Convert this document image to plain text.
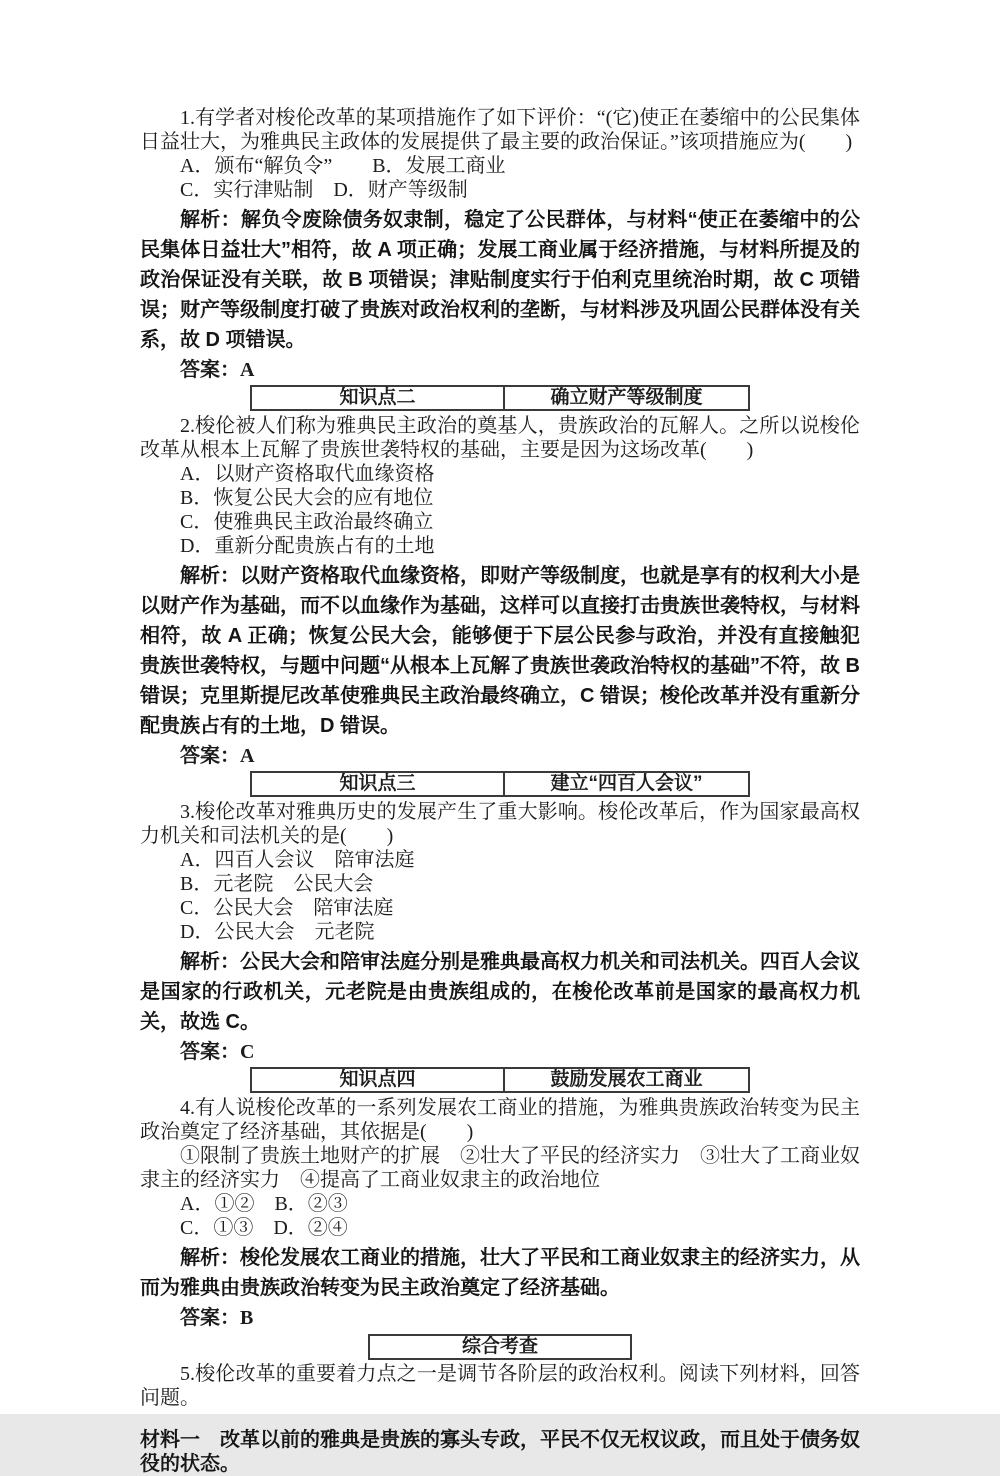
1.有学者对梭伦改革的某项措施作了如下评价：“(它)使正在萎缩中的公民集体日益壮大，为雅典民主政体的发展提供了最主要的政治保证。”该项措施应为(　　)

A．颁布“解负令”　　B．发展工商业

C．实行津贴制　D．财产等级制

解析：解负令废除债务奴隶制，稳定了公民群体，与材料“使正在萎缩中的公民集体日益壮大”相符，故 A 项正确；发展工商业属于经济措施，与材料所提及的政治保证没有关联，故 B 项错误；津贴制度实行于伯利克里统治时期，故 C 项错误；财产等级制度打破了贵族对政治权利的垄断，与材料涉及巩固公民群体没有关系，故 D 项错误。

答案：A

知识点二	确立财产等级制度

2.梭伦被人们称为雅典民主政治的奠基人，贵族政治的瓦解人。之所以说梭伦改革从根本上瓦解了贵族世袭特权的基础，主要是因为这场改革(　　)

A．以财产资格取代血缘资格

B．恢复公民大会的应有地位

C．使雅典民主政治最终确立

D．重新分配贵族占有的土地

解析：以财产资格取代血缘资格，即财产等级制度，也就是享有的权利大小是以财产作为基础，而不以血缘作为基础，这样可以直接打击贵族世袭特权，与材料相符，故 A 正确；恢复公民大会，能够便于下层公民参与政治，并没有直接触犯贵族世袭特权，与题中问题“从根本上瓦解了贵族世袭政治特权的基础”不符，故 B 错误；克里斯提尼改革使雅典民主政治最终确立，C 错误；梭伦改革并没有重新分配贵族占有的土地，D 错误。

答案：A

知识点三	建立“四百人会议”

3.梭伦改革对雅典历史的发展产生了重大影响。梭伦改革后，作为国家最高权力机关和司法机关的是(　　)

A．四百人会议　陪审法庭

B．元老院　公民大会

C．公民大会　陪审法庭

D．公民大会　元老院

解析：公民大会和陪审法庭分别是雅典最高权力机关和司法机关。四百人会议是国家的行政机关，元老院是由贵族组成的，在梭伦改革前是国家的最高权力机关，故选 C。

答案：C

知识点四	鼓励发展农工商业

4.有人说梭伦改革的一系列发展农工商业的措施，为雅典贵族政治转变为民主政治奠定了经济基础，其依据是(　　)

①限制了贵族土地财产的扩展　②壮大了平民的经济实力　③壮大了工商业奴隶主的经济实力　④提高了工商业奴隶主的政治地位

A．①②　B．②③

C．①③　D．②④

解析：梭伦发展农工商业的措施，壮大了平民和工商业奴隶主的经济实力，从而为雅典由贵族政治转变为民主政治奠定了经济基础。

答案：B

综合考查

5.梭伦改革的重要着力点之一是调节各阶层的政治权利。阅读下列材料，回答问题。

材料一　改革以前的雅典是贵族的寡头专政，平民不仅无权议政，而且处于债务奴役的状态。
